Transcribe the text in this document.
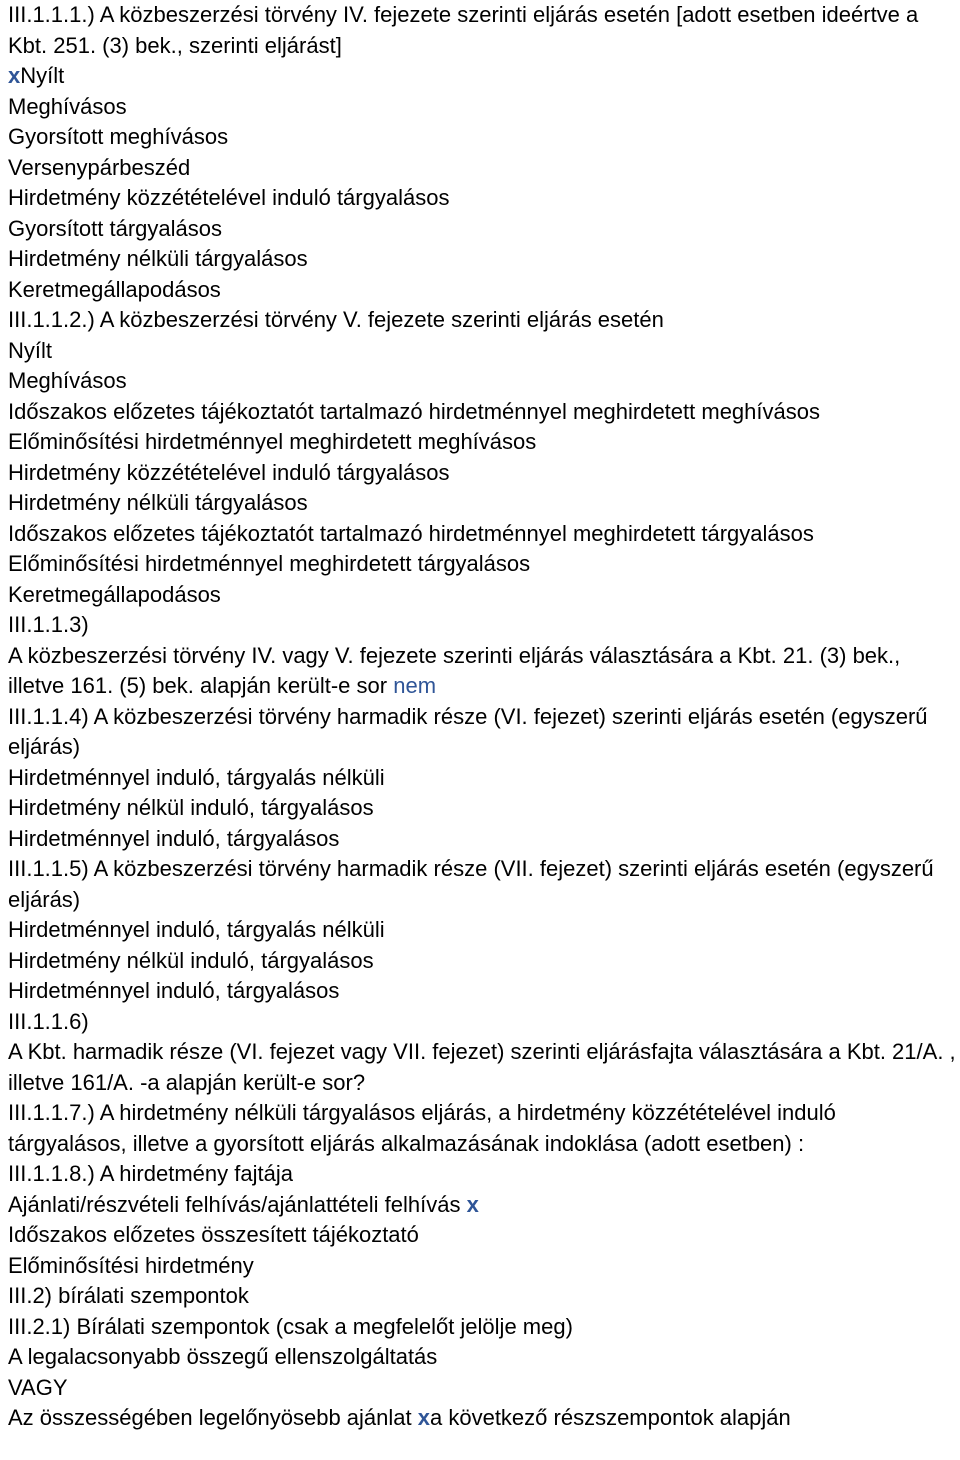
III.1.1.1.) A közbeszerzési törvény IV. fejezete szerinti eljárás esetén [adott esetben ideértve a Kbt. 251. (3) bek., szerinti eljárást]
xNyílt
Meghívásos
Gyorsított meghívásos
Versenypárbeszéd
Hirdetmény közzétételével induló tárgyalásos
Gyorsított tárgyalásos
Hirdetmény nélküli tárgyalásos
Keretmegállapodásos
III.1.1.2.) A közbeszerzési törvény V. fejezete szerinti eljárás esetén
Nyílt
Meghívásos
Időszakos előzetes tájékoztatót tartalmazó hirdetménnyel meghirdetett meghívásos
Előminősítési hirdetménnyel meghirdetett meghívásos
Hirdetmény közzétételével induló tárgyalásos
Hirdetmény nélküli tárgyalásos
Időszakos előzetes tájékoztatót tartalmazó hirdetménnyel meghirdetett tárgyalásos
Előminősítési hirdetménnyel meghirdetett tárgyalásos
Keretmegállapodásos
III.1.1.3)
A közbeszerzési törvény IV. vagy V. fejezete szerinti eljárás választására a Kbt. 21. (3) bek., illetve 161. (5) bek. alapján került-e sor nem
III.1.1.4) A közbeszerzési törvény harmadik része (VI. fejezet) szerinti eljárás esetén (egyszerű eljárás)
Hirdetménnyel induló, tárgyalás nélküli
Hirdetmény nélkül induló, tárgyalásos
Hirdetménnyel induló, tárgyalásos
III.1.1.5) A közbeszerzési törvény harmadik része (VII. fejezet) szerinti eljárás esetén (egyszerű eljárás)
Hirdetménnyel induló, tárgyalás nélküli
Hirdetmény nélkül induló, tárgyalásos
Hirdetménnyel induló, tárgyalásos
III.1.1.6)
A Kbt. harmadik része (VI. fejezet vagy VII. fejezet) szerinti eljárásfajta választására a Kbt. 21/A. , illetve 161/A. -a alapján került-e sor?
III.1.1.7.) A hirdetmény nélküli tárgyalásos eljárás, a hirdetmény közzétételével induló tárgyalásos, illetve a gyorsított eljárás alkalmazásának indoklása (adott esetben) :
III.1.1.8.) A hirdetmény fajtája
Ajánlati/részvételi felhívás/ajánlattételi felhívás x
Időszakos előzetes összesített tájékoztató
Előminősítési hirdetmény
III.2) bírálati szempontok
III.2.1) Bírálati szempontok (csak a megfelelőt jelölje meg)
A legalacsonyabb összegű ellenszolgáltatás
VAGY
Az összességében legelőnyösebb ajánlat xa következő részszempontok alapján
